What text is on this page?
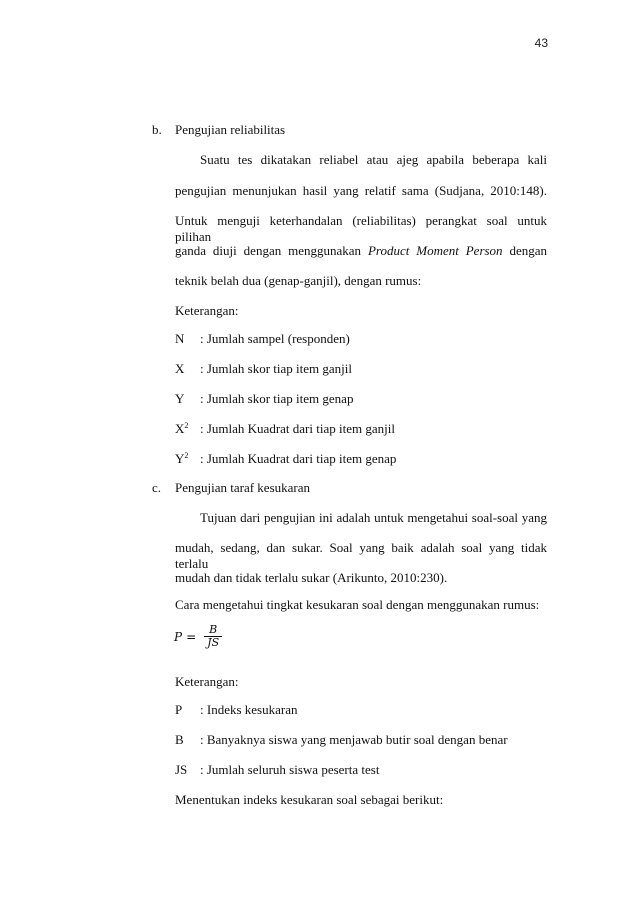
43
b. Pengujian reliabilitas
Suatu tes dikatakan reliabel atau ajeg apabila beberapa kali
pengujian menunjukan hasil yang relatif sama (Sudjana, 2010:148).
Untuk menguji keterhandalan (reliabilitas) perangkat soal untuk pilihan
ganda diuji dengan menggunakan Product Moment Person dengan
teknik belah dua (genap-ganjil), dengan rumus:
Keterangan:
N : Jumlah sampel (responden)
X : Jumlah skor tiap item ganjil
Y : Jumlah skor tiap item genap
$X^2$ : Jumlah Kuadrat dari tiap item ganjil
$Y^2$ : Jumlah Kuadrat dari tiap item genap
c. Pengujian taraf kesukaran
Tujuan dari pengujian ini adalah untuk mengetahui soal-soal yang
mudah, sedang, dan sukar. Soal yang baik adalah soal yang tidak terlalu
mudah dan tidak terlalu sukar (Arikunto, 2010:230).
Cara mengetahui tingkat kesukaran soal dengan menggunakan rumus:
$P = \frac{B}{JS}$
Keterangan:
P : Indeks kesukaran
B : Banyaknya siswa yang menjawab butir soal dengan benar
JS : Jumlah seluruh siswa peserta test
Menentukan indeks kesukaran soal sebagai berikut:
